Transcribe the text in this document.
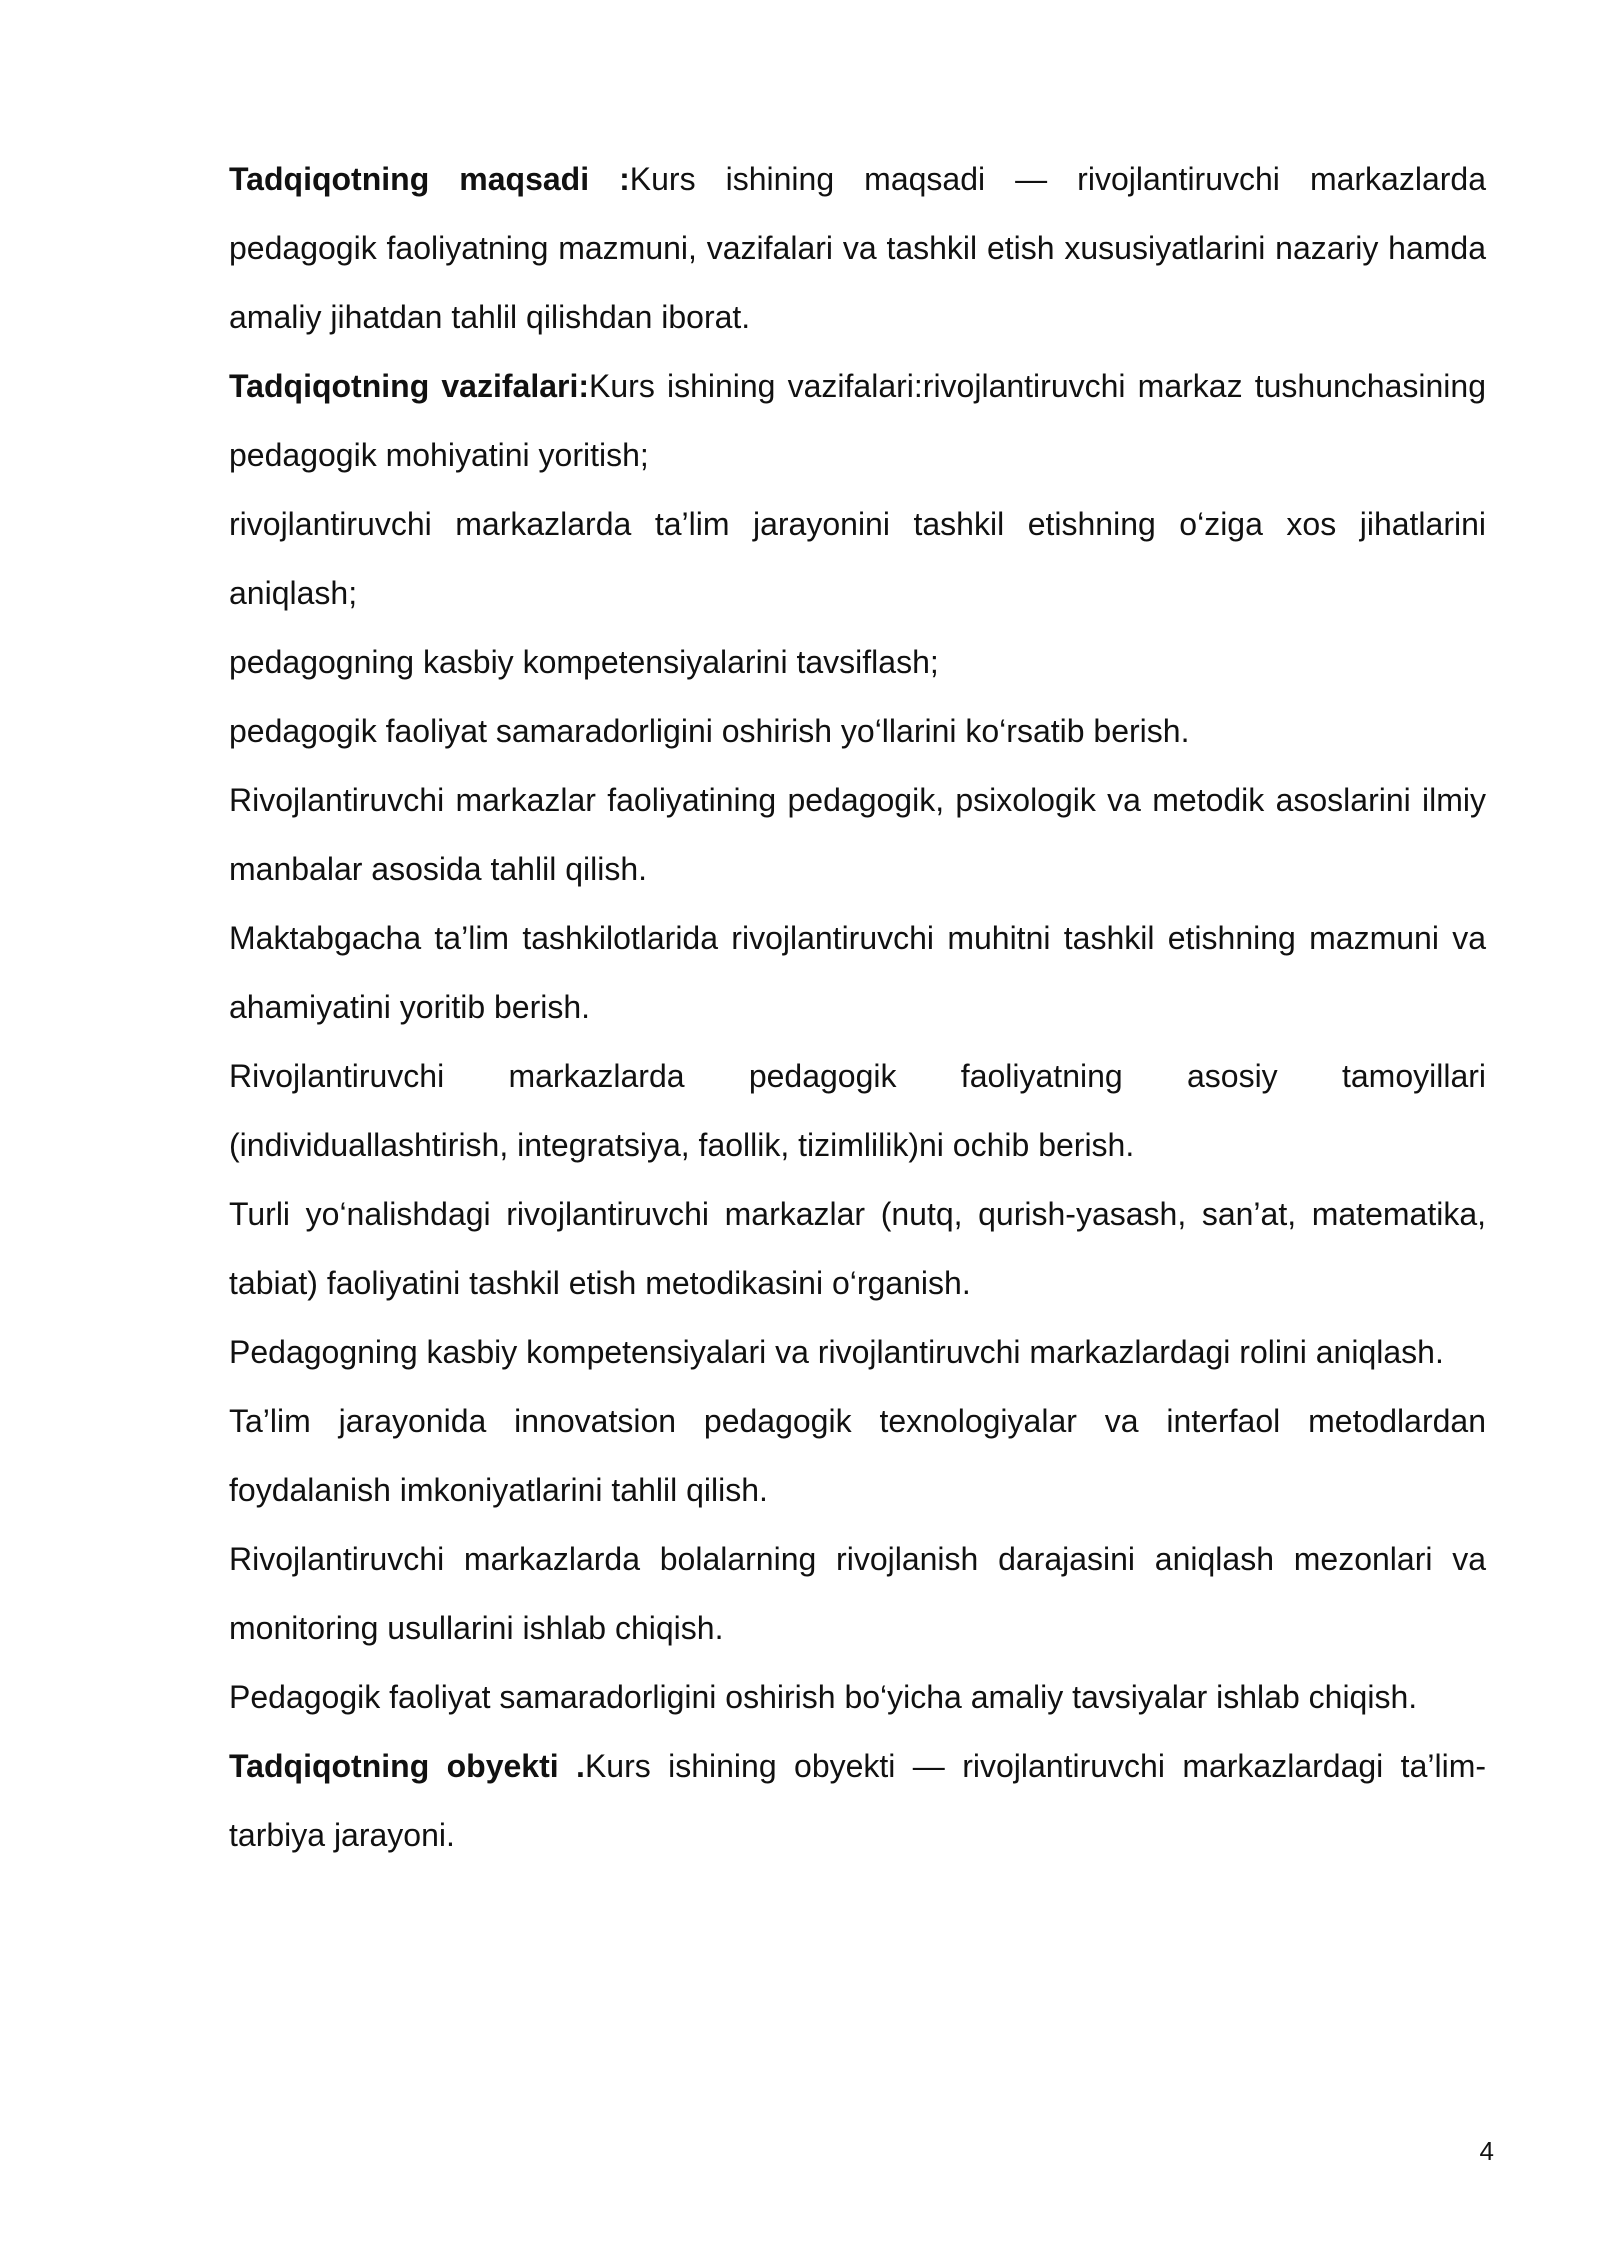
Tadqiqotning maqsadi :Kurs ishining maqsadi — rivojlantiruvchi markazlarda pedagogik faoliyatning mazmuni, vazifalari va tashkil etish xususiyatlarini nazariy hamda amaliy jihatdan tahlil qilishdan iborat.

Tadqiqotning vazifalari:Kurs ishining vazifalari:rivojlantiruvchi markaz tushunchasining pedagogik mohiyatini yoritish;

rivojlantiruvchi markazlarda ta’lim jarayonini tashkil etishning o‘ziga xos jihatlarini aniqlash;

pedagogning kasbiy kompetensiyalarini tavsiflash;

pedagogik faoliyat samaradorligini oshirish yo‘llarini ko‘rsatib berish.

Rivojlantiruvchi markazlar faoliyatining pedagogik, psixologik va metodik asoslarini ilmiy manbalar asosida tahlil qilish.

Maktabgacha ta’lim tashkilotlarida rivojlantiruvchi muhitni tashkil etishning mazmuni va ahamiyatini yoritib berish.

Rivojlantiruvchi markazlarda pedagogik faoliyatning asosiy tamoyillari (individuallashtirish, integratsiya, faollik, tizimlilik)ni ochib berish.

Turli yo‘nalishdagi rivojlantiruvchi markazlar (nutq, qurish-yasash, san’at, matematika, tabiat) faoliyatini tashkil etish metodikasini o‘rganish.

Pedagogning kasbiy kompetensiyalari va rivojlantiruvchi markazlardagi rolini aniqlash.

Ta’lim jarayonida innovatsion pedagogik texnologiyalar va interfaol metodlardan foydalanish imkoniyatlarini tahlil qilish.

Rivojlantiruvchi markazlarda bolalarning rivojlanish darajasini aniqlash mezonlari va monitoring usullarini ishlab chiqish.

Pedagogik faoliyat samaradorligini oshirish bo‘yicha amaliy tavsiyalar ishlab chiqish.

Tadqiqotning obyekti .Kurs ishining obyekti — rivojlantiruvchi markazlardagi ta’lim-tarbiya jarayoni.

4
